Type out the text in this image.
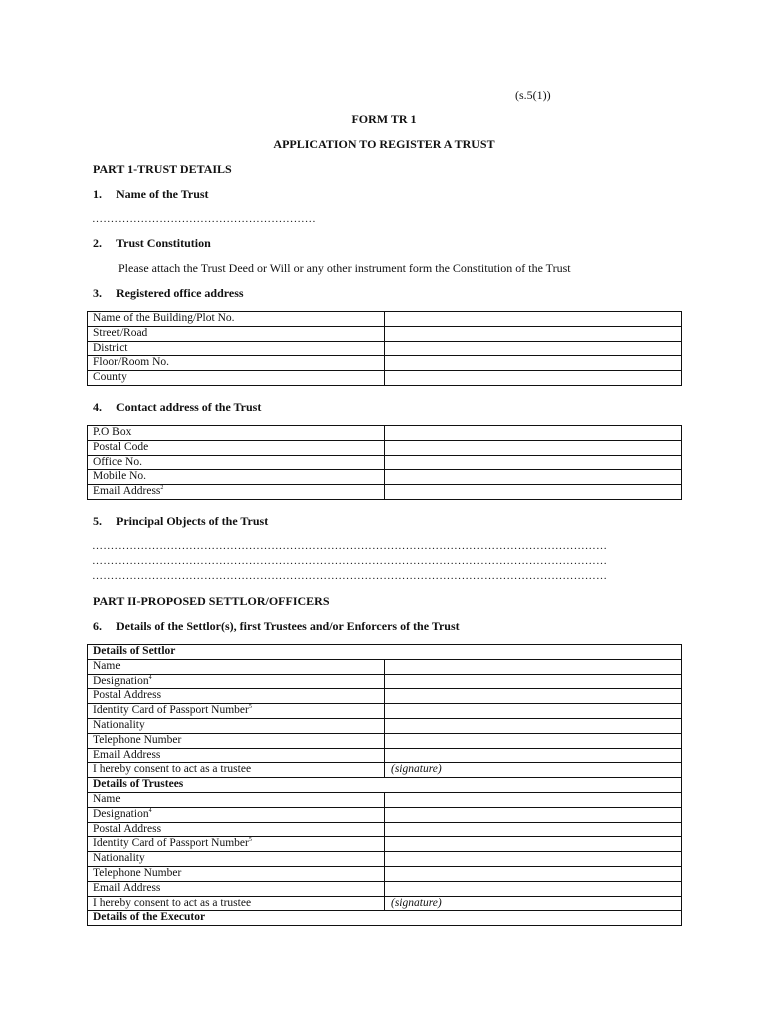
(s.5(1))
FORM TR 1
APPLICATION TO REGISTER A TRUST
PART 1-TRUST DETAILS
1. Name of the Trust
……………………………………………………
2. Trust Constitution
Please attach the Trust Deed or Will or any other instrument form the Constitution of the Trust
3. Registered office address
Name of the Building/Plot No.	
Street/Road	
District	
Floor/Room No.	
County	
4. Contact address of the Trust
P.O Box	
Postal Code	
Office No.	
Mobile No.	
Email Address$^2$	
5. Principal Objects of the Trust
…………………………………………………………………………………………………………………………
…………………………………………………………………………………………………………………………
…………………………………………………………………………………………………………………………
PART II-PROPOSED SETTLOR/OFFICERS
6. Details of the Settlor(s), first Trustees and/or Enforcers of the Trust
Details of Settlor	
Name	
Designation$^4$	
Postal Address	
Identity Card of Passport Number$^5$	
Nationality	
Telephone Number	
Email Address	
I hereby consent to act as a trustee	(signature)
Details of Trustees	
Name	
Designation$^4$	
Postal Address	
Identity Card of Passport Number$^5$	
Nationality	
Telephone Number	
Email Address	
I hereby consent to act as a trustee	(signature)
Details of the Executor	
